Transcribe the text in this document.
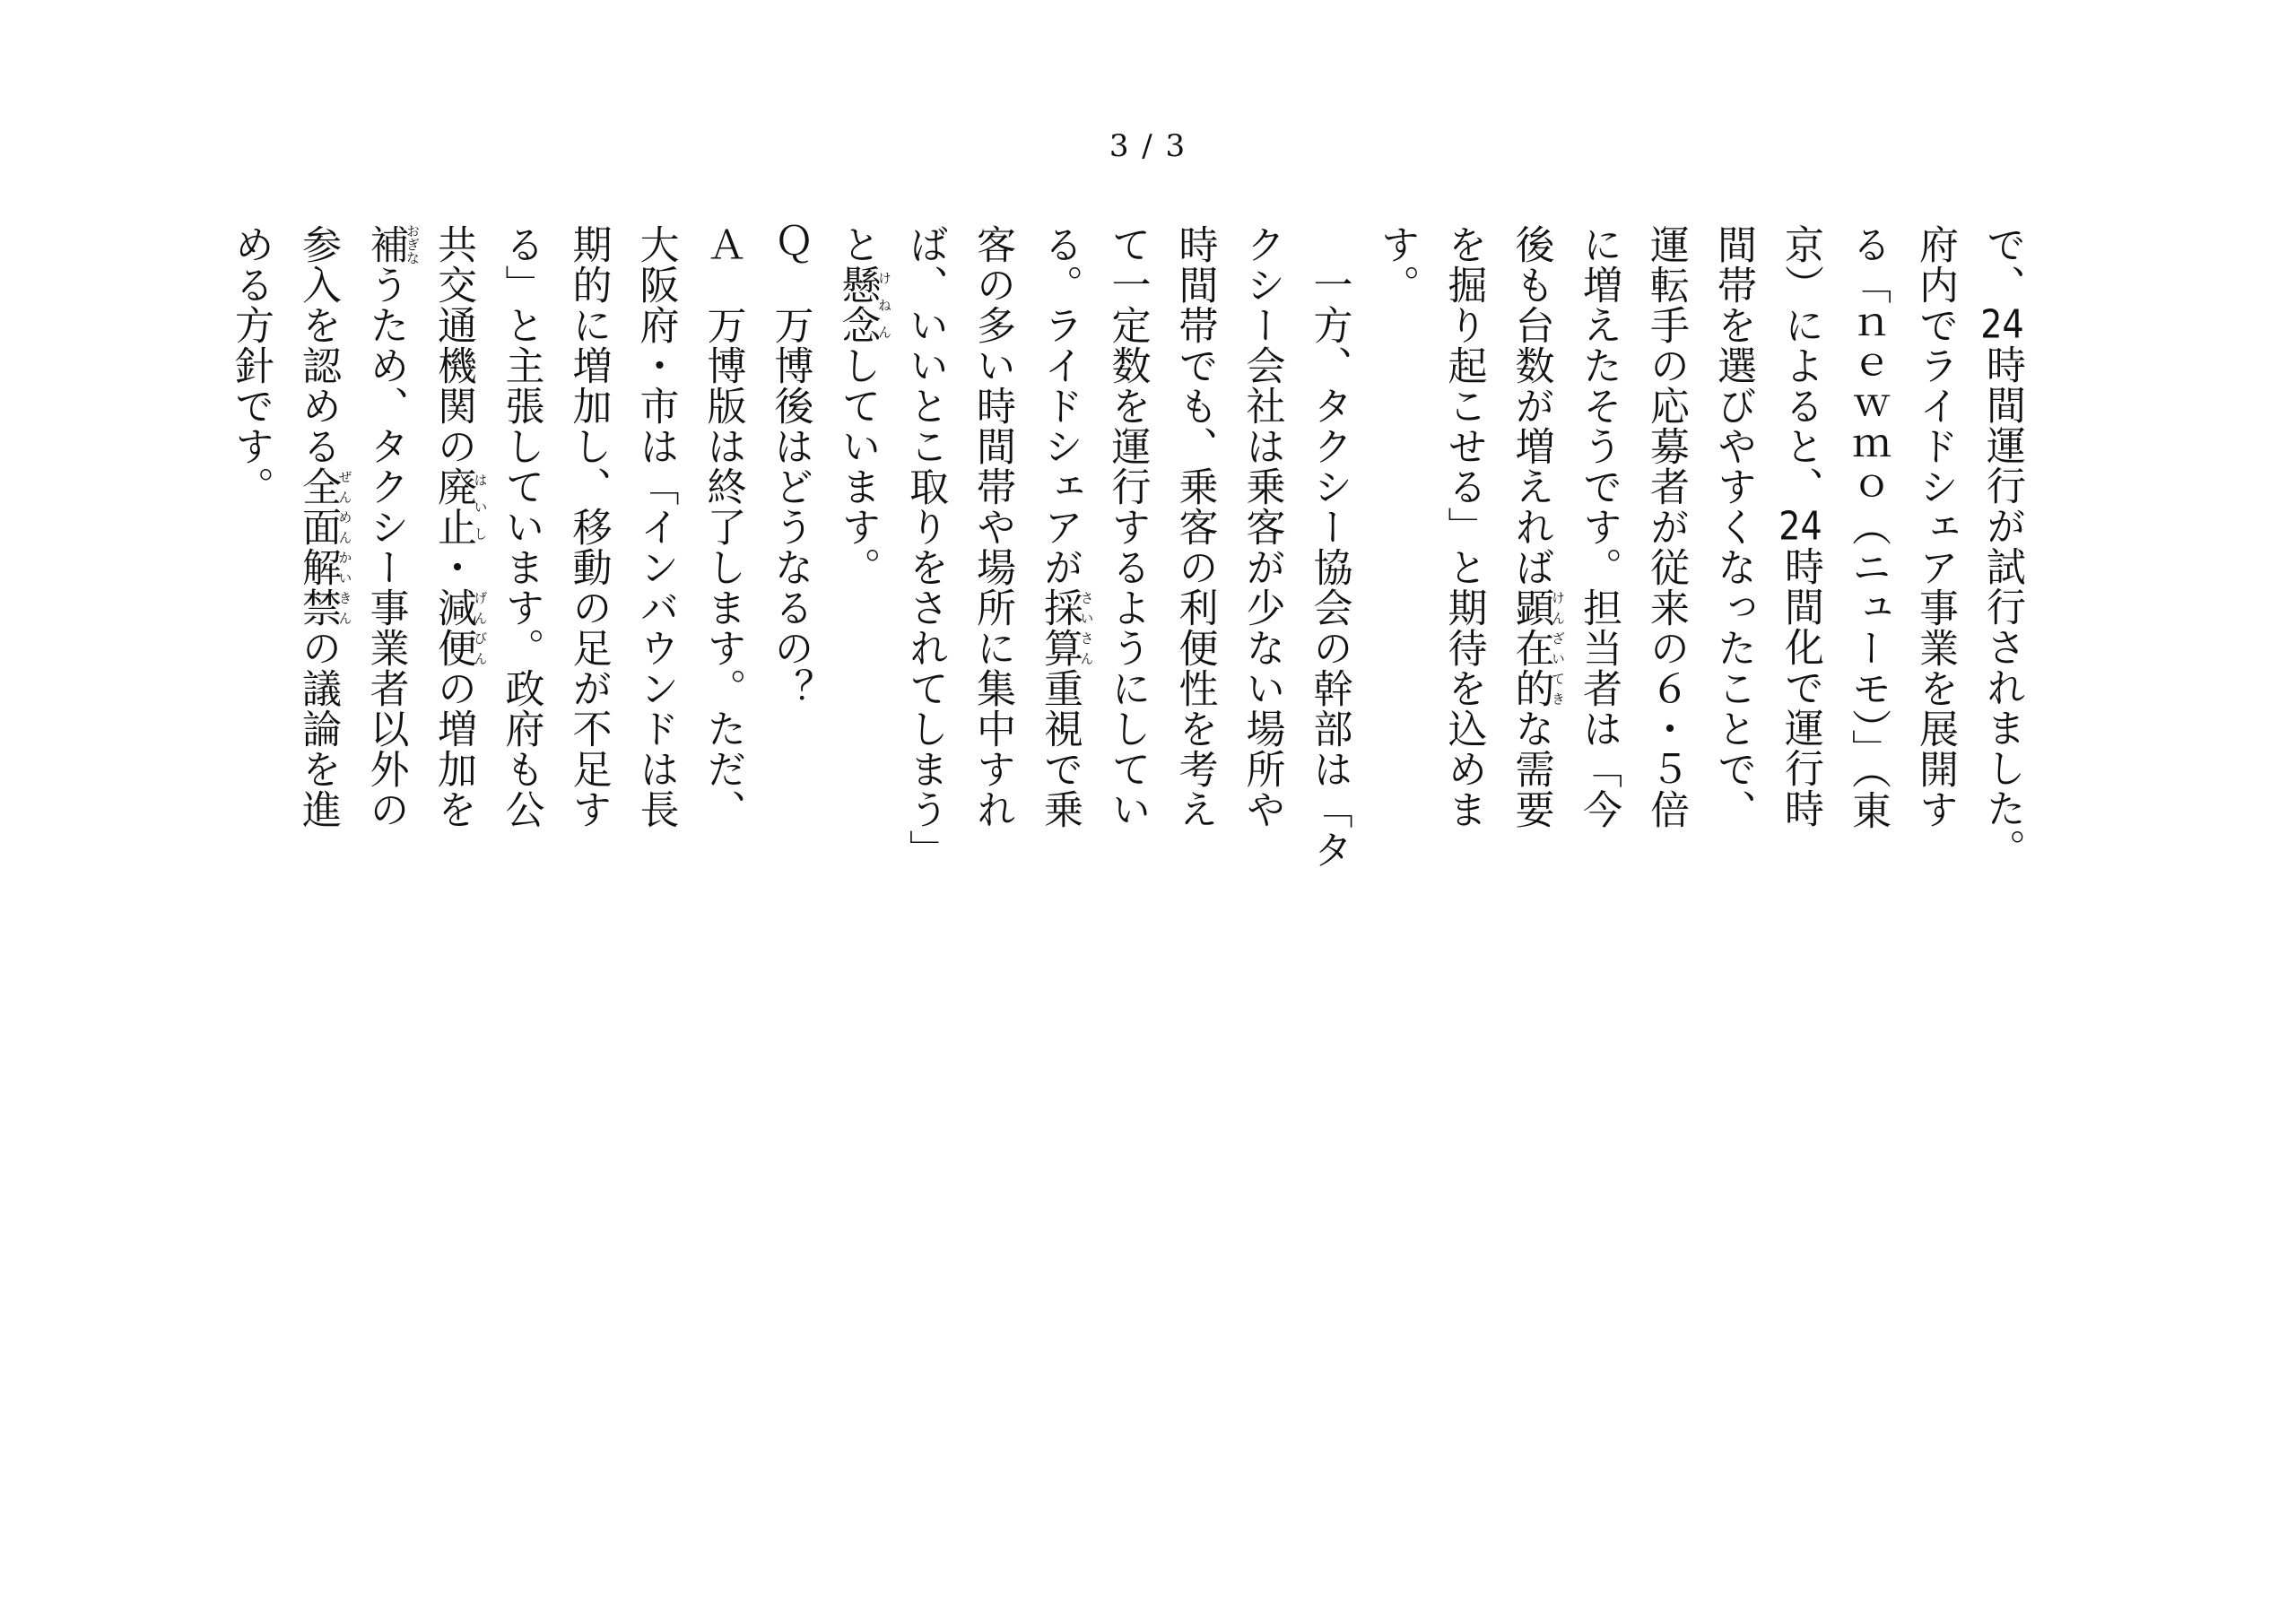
3 / 3
で、24時間運行が試行されました。
府内でライドシェア事業を展開す
る「ｎｅｗｍｏ（ニューモ）」（東
京）によると、24時間化で運行時
間帯を選びやすくなったことで、
運転手の応募者が従来の６・５倍
に増えたそうです。担当者は「今
後も台数が増えれば顕在的けんざいてきな需要
を掘り起こせる」と期待を込めま
す。
　一方、タクシー協会の幹部は「タ
クシー会社は乗客が少ない場所や
時間帯でも、乗客の利便性を考え
て一定数を運行するようにしてい
る。ライドシェアが採算さいさん重視で乗
客の多い時間帯や場所に集中すれ
ば、いいとこ取りをされてしまう」
と懸念けねんしています。
Ｑ　万博後はどうなるの？
Ａ　万博版は終了します。ただ、
大阪府・市は「インバウンドは長
期的に増加し、移動の足が不足す
る」と主張しています。政府も公
共交通機関の廃止はいし・減便げんびんの増加を
補おぎなうため、タクシー事業者以外の
参入を認める全面解禁ぜんめんかいきんの議論を進
める方針です。
